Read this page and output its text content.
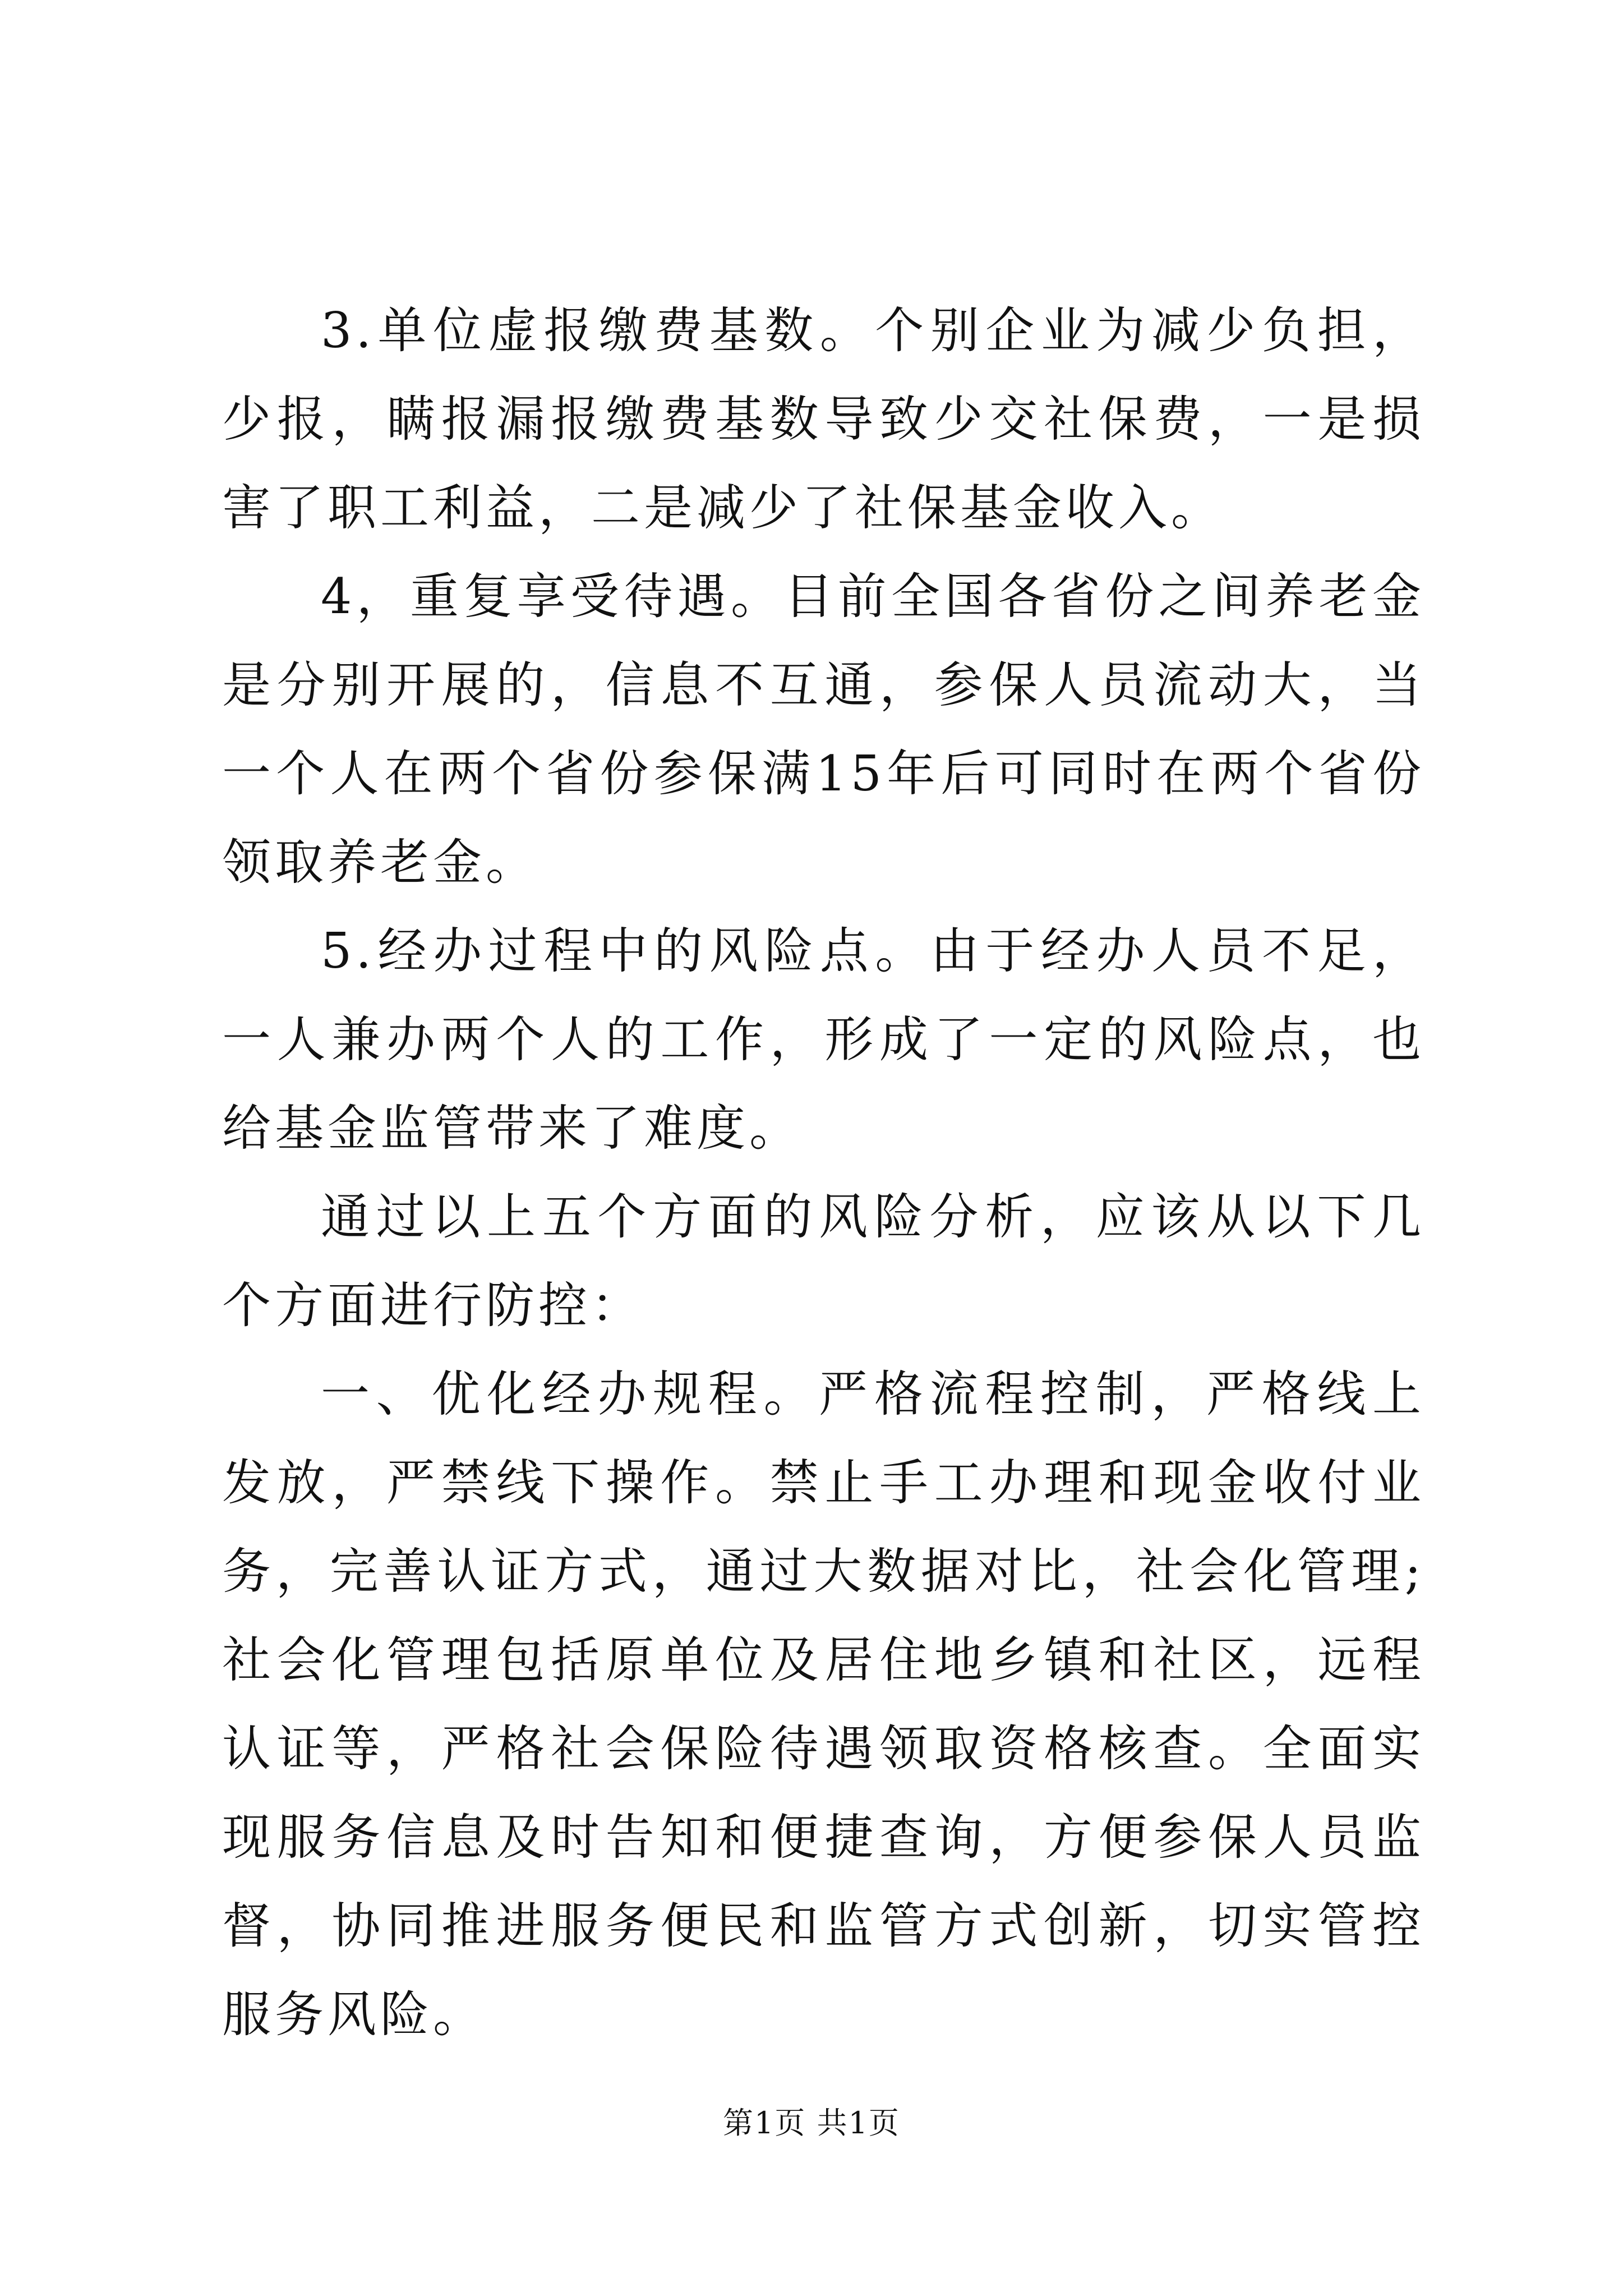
3.单位虚报缴费基数。个别企业为减少负担，少报，瞒报漏报缴费基数导致少交社保费，一是损害了职工利益，二是减少了社保基金收入。

4，重复享受待遇。目前全国各省份之间养老金是分别开展的，信息不互通，参保人员流动大，当一个人在两个省份参保满15年后可同时在两个省份领取养老金。

5.经办过程中的风险点。由于经办人员不足，一人兼办两个人的工作，形成了一定的风险点，也给基金监管带来了难度。

通过以上五个方面的风险分析，应该从以下几个方面进行防控：

一、优化经办规程。严格流程控制，严格线上发放，严禁线下操作。禁止手工办理和现金收付业务，完善认证方式，通过大数据对比，社会化管理;社会化管理包括原单位及居住地乡镇和社区，远程认证等，严格社会保险待遇领取资格核查。全面实现服务信息及时告知和便捷查询，方便参保人员监督，协同推进服务便民和监管方式创新，切实管控服务风险。

第1页 共1页
